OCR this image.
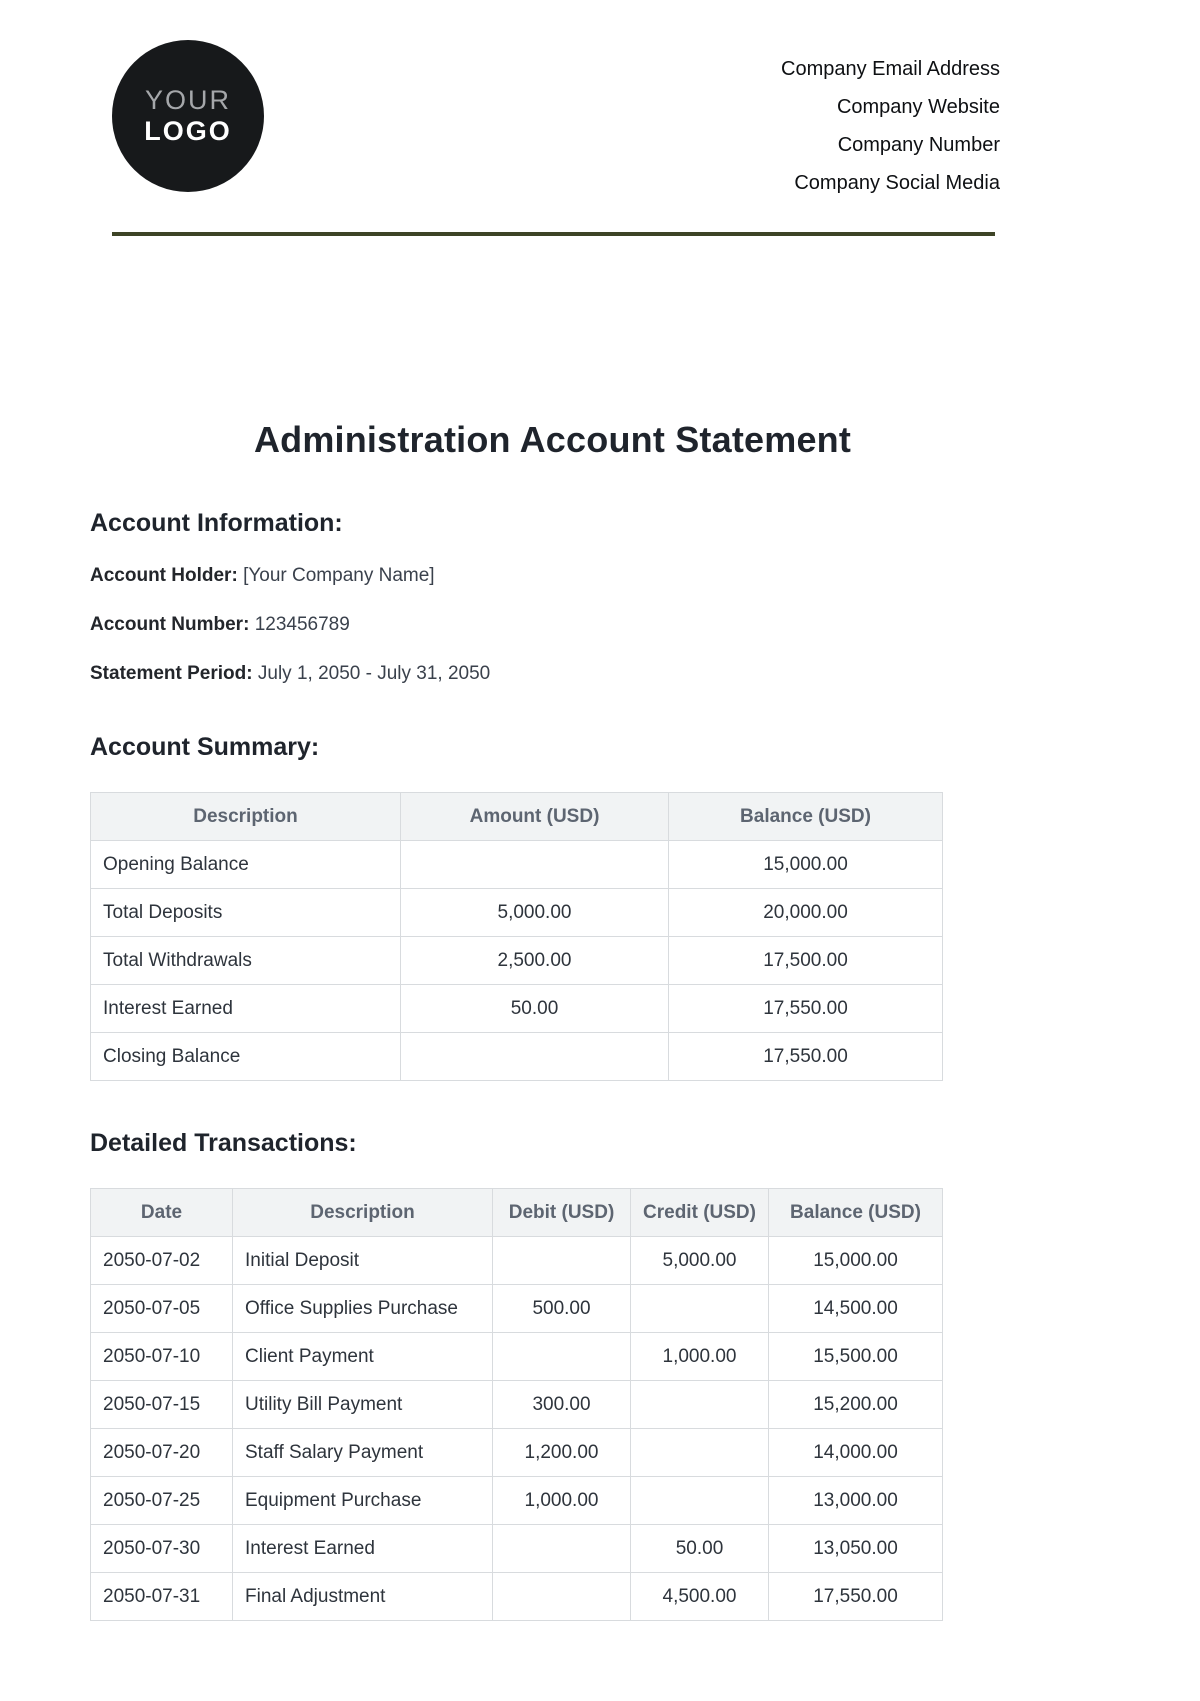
YOUR
LOGO
Company Email Address
Company Website
Company Number
Company Social Media
Administration Account Statement
Account Information:

Account Holder: [Your Company Name]

Account Number: 123456789

Statement Period: July 1, 2050 - July 31, 2050

Account Summary:
Description	Amount (USD)	Balance (USD)
Opening Balance		15,000.00
Total Deposits	5,000.00	20,000.00
Total Withdrawals	2,500.00	17,500.00
Interest Earned	50.00	17,550.00
Closing Balance		17,550.00
Detailed Transactions:
Date	Description	Debit (USD)	Credit (USD)	Balance (USD)
2050-07-02	Initial Deposit		5,000.00	15,000.00
2050-07-05	Office Supplies Purchase	500.00		14,500.00
2050-07-10	Client Payment		1,000.00	15,500.00
2050-07-15	Utility Bill Payment	300.00		15,200.00
2050-07-20	Staff Salary Payment	1,200.00		14,000.00
2050-07-25	Equipment Purchase	1,000.00		13,000.00
2050-07-30	Interest Earned		50.00	13,050.00
2050-07-31	Final Adjustment		4,500.00	17,550.00
